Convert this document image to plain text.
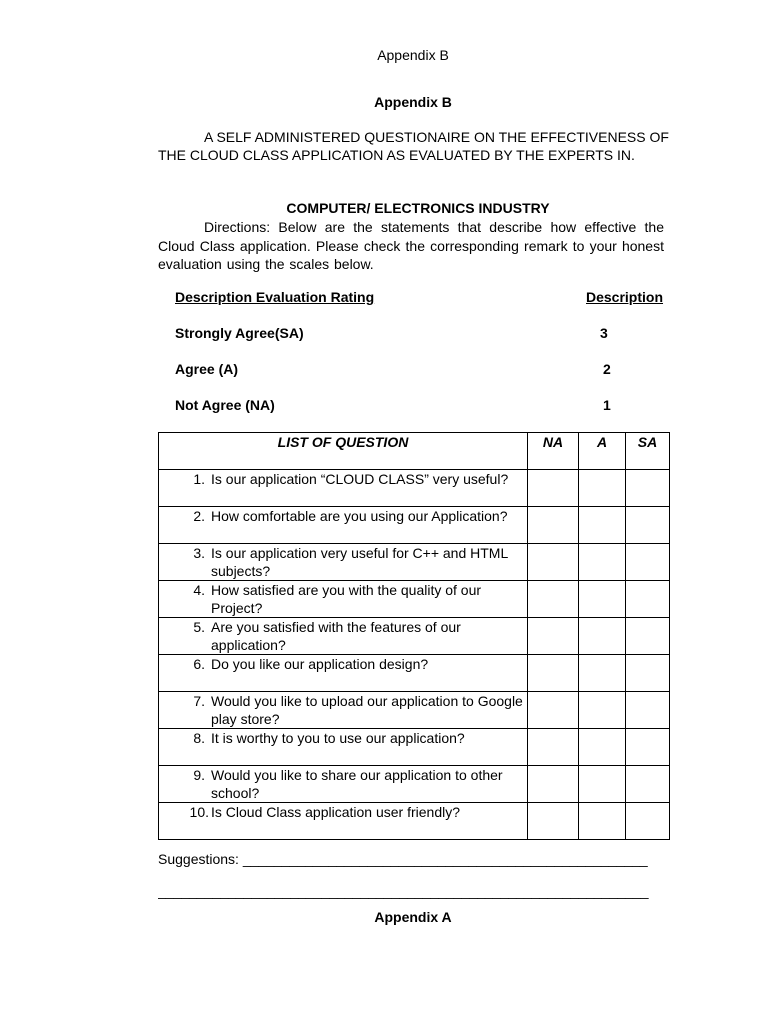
Appendix B
Appendix B
A SELF ADMINISTERED QUESTIONAIRE ON THE EFFECTIVENESS OF THE CLOUD CLASS APPLICATION AS EVALUATED BY THE EXPERTS IN.
COMPUTER/ ELECTRONICS INDUSTRY
Directions: Below are the statements that describe how effective the Cloud Class application. Please check the corresponding remark to your honest evaluation using the scales below.
Description Evaluation Rating	Description
Strongly Agree(SA)	3
Agree (A)	2
Not Agree (NA)	1
LIST OF QUESTION	NA	A	SA

1. Is our application “CLOUD CLASS” very useful?			

2. How comfortable are you using our Application?			

3. Is our application very useful for C++ and HTML subjects?			

4. How satisfied are you with the quality of our Project?			

5. Are you satisfied with the features of our application?			

6. Do you like our application design?			

7. Would you like to upload our application to Google play store?			

8. It is worthy to you to use our application?			

9. Would you like to share our application to other school?			

10. Is Cloud Class application user friendly?			

Suggestions: ____________________________________________________
_______________________________________________________________
Appendix A
